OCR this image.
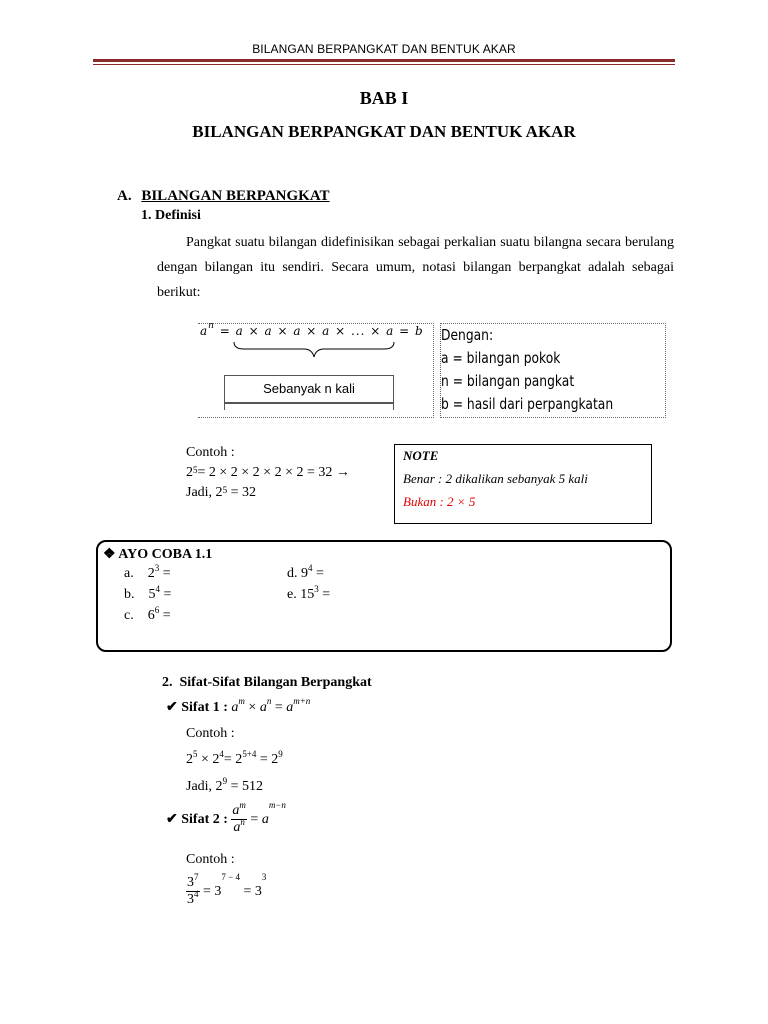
BILANGAN BERPANGKAT DAN BENTUK AKAR
BAB I
BILANGAN BERPANGKAT DAN BENTUK AKAR
A. BILANGAN BERPANGKAT
1. Definisi
Pangkat suatu bilangan didefinisikan sebagai perkalian suatu bilangna secara berulang dengan bilangan itu sendiri. Secara umum, notasi bilangan berpangkat adalah sebagai berikut:
$a^n = a \times a \times a \times a$ × ... × a = b
Sebanyak n kali
Dengan:
a = bilangan pokok
n = bilangan pangkat
b = hasil dari perpangkatan
Contoh :
$2^5= 2 \times 2 \times 2 \times 2 \times 2 = 32$ →
Jadi, $2^5 = 32$
NOTE
Benar : 2 dikalikan sebanyak 5 kali
Bukan : 2 × 5
❖ AYO COBA 1.1
a. $2^3$ =
b. $5^4$ =
c. $6^6$ =
d. $9^4$ =
e. $15^3$ =
2. Sifat-Sifat Bilangan Berpangkat
✔ Sifat 1 : $a^m \times a^n = a^{m+n}$
Contoh :
$2^5 \times 2^4= 2^{5+4} = 2^9$
Jadi, $2^9 = 512$
✔ Sifat 2 : $\frac{a^m}{a^n} = a^{m-n}$
Contoh :
$\frac{3^7}{3^4} = 3^{7 - 4} = 3^3$
